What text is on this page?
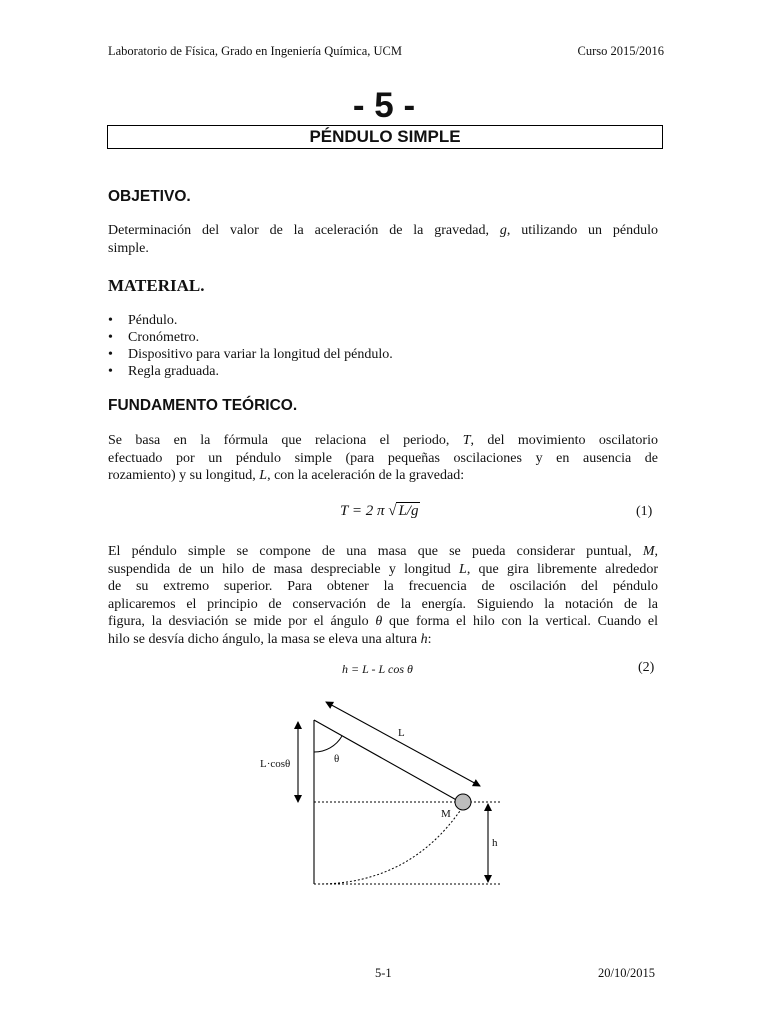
Laboratorio de Física, Grado en Ingeniería Química, UCM	Curso 2015/2016
- 5 -
PÉNDULO SIMPLE
OBJETIVO.
Determinación del valor de la aceleración de la gravedad, g, utilizando un péndulo
simple.
MATERIAL.
• Péndulo.
• Cronómetro.
• Dispositivo para variar la longitud del péndulo.
• Regla graduada.
FUNDAMENTO TEÓRICO.
Se basa en la fórmula que relaciona el periodo, T, del movimiento oscilatorio
efectuado por un péndulo simple (para pequeñas oscilaciones y en ausencia de
rozamiento) y su longitud, L, con la aceleración de la gravedad:
T = 2 π √ L/g	(1)
El péndulo simple se compone de una masa que se pueda considerar puntual, M,
suspendida de un hilo de masa despreciable y longitud L, que gira libremente alrededor
de su extremo superior. Para obtener la frecuencia de oscilación del péndulo
aplicaremos el principio de conservación de la energía. Siguiendo la notación de la
figura, la desviación se mide por el ángulo θ que forma el hilo con la vertical. Cuando el
hilo se desvía dicho ángulo, la masa se eleva una altura h:
h = L - L cos θ	(2)
L
θ
L·cosθ
M
h
5-1	20/10/2015
